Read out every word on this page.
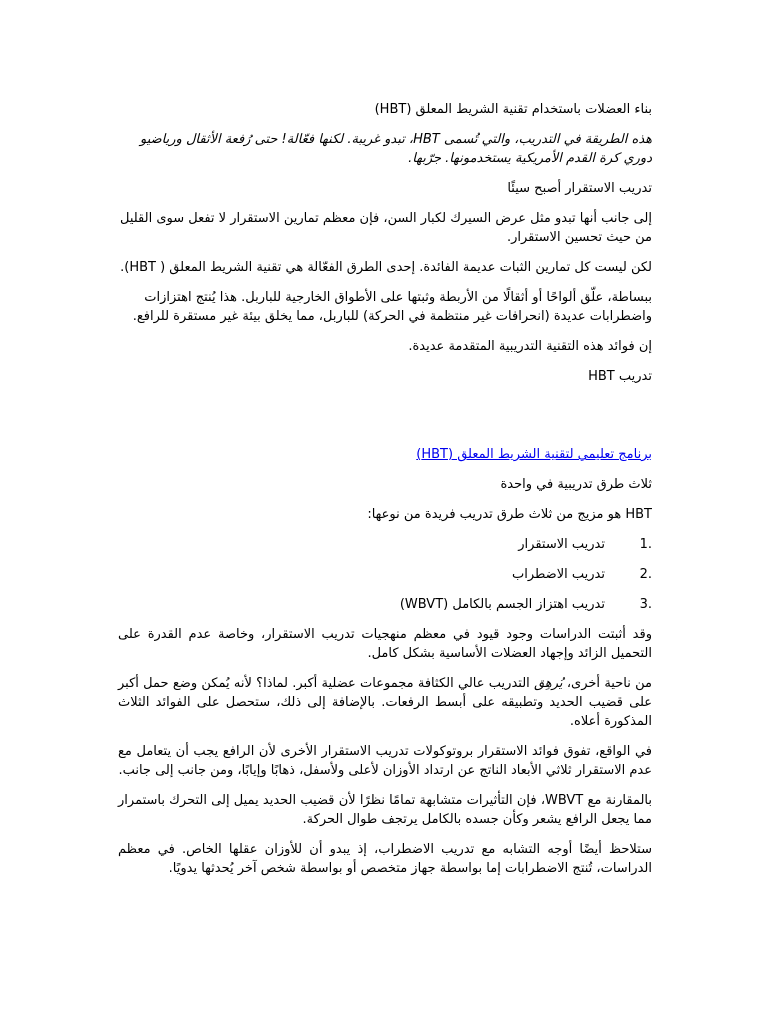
بناء العضلات باستخدام تقنية الشريط المعلق (HBT)

هذه الطريقة في التدريب، والتي تُسمى HBT، تبدو غريبة. لكنها فعّالة! حتى رُفعة الأثقال ورياضيو دوري كرة القدم الأمريكية يستخدمونها. جرّبها.

تدريب الاستقرار أصبح سيئًا

إلى جانب أنها تبدو مثل عرض السيرك لكبار السن، فإن معظم تمارين الاستقرار لا تفعل سوى القليل من حيث تحسين الاستقرار.

لكن ليست كل تمارين الثبات عديمة الفائدة. إحدى الطرق الفعّالة هي تقنية الشريط المعلق ( HBT).

ببساطة، علّق ألواحًا أو أثقالًا من الأربطة وثبتها على الأطواق الخارجية للباربل. هذا يُنتج اهتزازات واضطرابات عديدة (انحرافات غير منتظمة في الحركة) للباربل، مما يخلق بيئة غير مستقرة للرافع.

إن فوائد هذه التقنية التدريبية المتقدمة عديدة.

تدريب HBT

برنامج تعليمي لتقنية الشريط المعلق (HBT)

ثلاث طرق تدريبية في واحدة

HBT هو مزيج من ثلاث طرق تدريب فريدة من نوعها:

1.
تدريب الاستقرار
2.
تدريب الاضطراب
3.
تدريب اهتزاز الجسم بالكامل (WBVT)

وقد أثبتت الدراسات وجود قيود في معظم منهجيات تدريب الاستقرار، وخاصة عدم القدرة على التحميل الزائد وإجهاد العضلات الأساسية بشكل كامل.

من ناحية أخرى، يُرهِق التدريب عالي الكثافة مجموعات عضلية أكبر. لماذا؟ لأنه يُمكن وضع حمل أكبر على قضيب الحديد وتطبيقه على أبسط الرفعات. بالإضافة إلى ذلك، ستحصل على الفوائد الثلاث المذكورة أعلاه.

في الواقع، تفوق فوائد الاستقرار بروتوكولات تدريب الاستقرار الأخرى لأن الرافع يجب أن يتعامل مع عدم الاستقرار ثلاثي الأبعاد الناتج عن ارتداد الأوزان لأعلى ولأسفل، ذهابًا وإيابًا، ومن جانب إلى جانب.

بالمقارنة مع WBVT، فإن التأثيرات متشابهة تمامًا نظرًا لأن قضيب الحديد يميل إلى التحرك باستمرار مما يجعل الرافع يشعر وكأن جسده بالكامل يرتجف طوال الحركة.

ستلاحظ أيضًا أوجه التشابه مع تدريب الاضطراب، إذ يبدو أن للأوزان عقلها الخاص. في معظم الدراسات، تُنتج الاضطرابات إما بواسطة جهاز متخصص أو بواسطة شخص آخر يُحدثها يدويًا.
